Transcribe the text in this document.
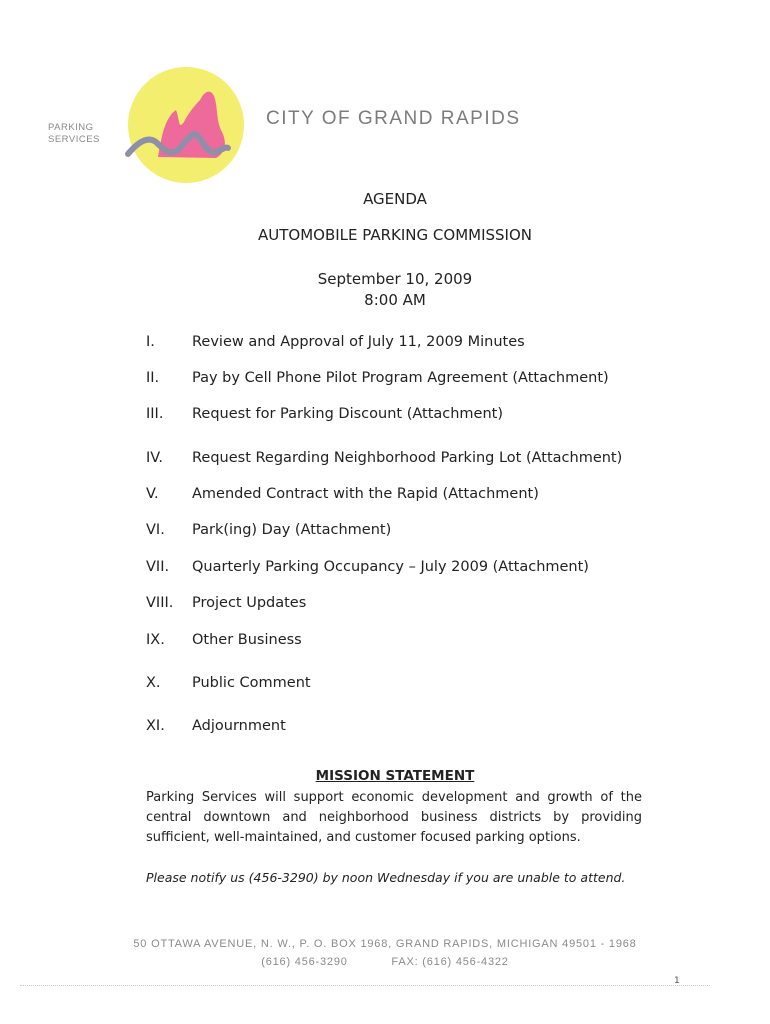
PARKING
SERVICES
CITY OF GRAND RAPIDS
AGENDA
AUTOMOBILE PARKING COMMISSION
September 10, 2009
8:00 AM
I.	Review and Approval of July 11, 2009 Minutes
II. Pay by Cell Phone Pilot Program Agreement (Attachment)
III. Request for Parking Discount (Attachment)
IV. Request Regarding Neighborhood Parking Lot (Attachment)
V. Amended Contract with the Rapid (Attachment)
VI. Park(ing) Day (Attachment)
VII. Quarterly Parking Occupancy – July 2009 (Attachment)
VIII. Project Updates
IX. Other Business
X. Public Comment
XI. Adjournment
MISSION STATEMENT
Parking Services will support economic development and growth of the central downtown and neighborhood business districts by providing sufficient, well-maintained, and customer focused parking options.
Please notify us (456-3290) by noon Wednesday if you are unable to attend.
50 OTTAWA AVENUE, N. W., P. O. BOX 1968, GRAND RAPIDS, MICHIGAN 49501 - 1968
(616) 456-3290	FAX: (616) 456-4322
1
